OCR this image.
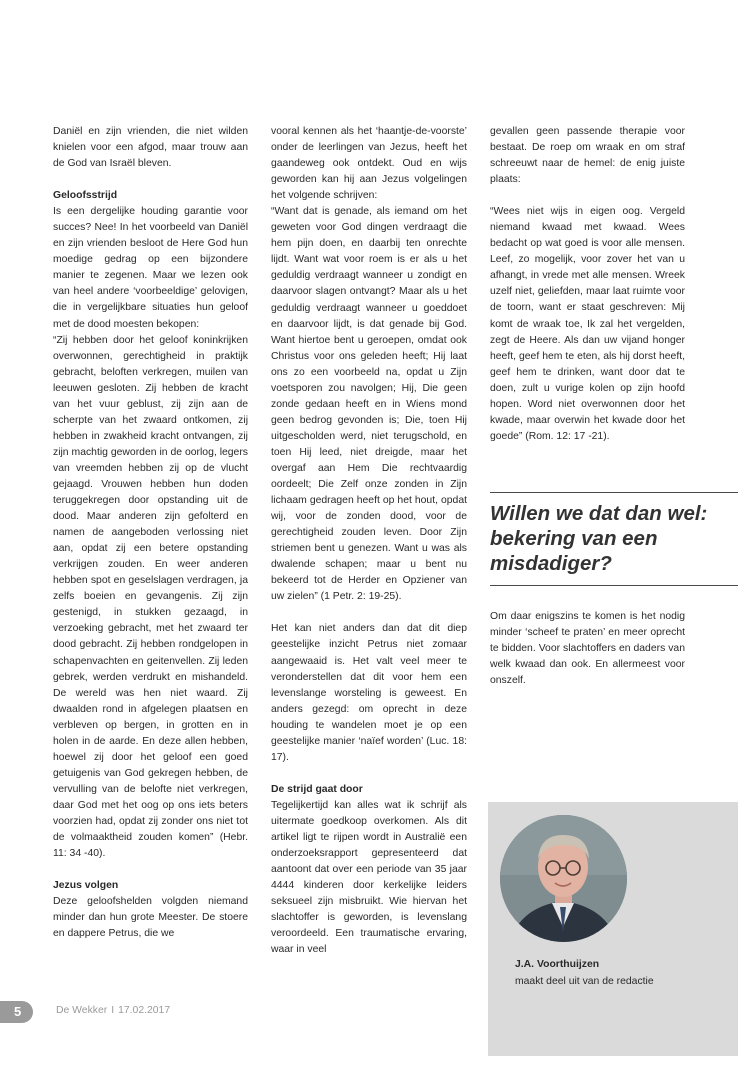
Daniël en zijn vrienden, die niet wilden knielen voor een afgod, maar trouw aan de God van Israël bleven.

Geloofsstrijd

Is een dergelijke houding garantie voor succes? Nee! In het voorbeeld van Daniël en zijn vrienden besloot de Here God hun moedige gedrag op een bijzondere manier te zegenen. Maar we lezen ook van heel andere ‘voorbeeldige’ gelovigen, die in vergelijkbare situaties hun geloof met de dood moesten bekopen:

“Zij hebben door het geloof koninkrijken overwonnen, gerechtigheid in praktijk gebracht, beloften verkregen, muilen van leeuwen gesloten. Zij hebben de kracht van het vuur geblust, zij zijn aan de scherpte van het zwaard ontkomen, zij hebben in zwakheid kracht ontvangen, zij zijn machtig geworden in de oorlog, legers van vreemden hebben zij op de vlucht gejaagd. Vrouwen hebben hun doden teruggekregen door opstanding uit de dood. Maar anderen zijn gefolterd en namen de aangeboden verlossing niet aan, opdat zij een betere opstanding verkrijgen zouden. En weer anderen hebben spot en geselslagen verdragen, ja zelfs boeien en gevangenis. Zij zijn gestenigd, in stukken gezaagd, in verzoeking gebracht, met het zwaard ter dood gebracht. Zij hebben rondgelopen in schapenvachten en geitenvellen. Zij leden gebrek, werden verdrukt en mishandeld. De wereld was hen niet waard. Zij dwaalden rond in afgelegen plaatsen en verbleven op bergen, in grotten en in holen in de aarde. En deze allen hebben, hoewel zij door het geloof een goed getuigenis van God gekregen hebben, de vervulling van de belofte niet verkregen, daar God met het oog op ons iets beters voorzien had, opdat zij zonder ons niet tot de volmaaktheid zouden komen” (Hebr. 11: 34 -40).

Jezus volgen

Deze geloofshelden volgden niemand minder dan hun grote Meester. De stoere en dappere Petrus, die we

vooral kennen als het ‘haantje-de-voorste’ onder de leerlingen van Jezus, heeft het gaandeweg ook ontdekt. Oud en wijs geworden kan hij aan Jezus volgelingen het volgende schrijven:

“Want dat is genade, als iemand om het geweten voor God dingen verdraagt die hem pijn doen, en daarbij ten onrechte lijdt. Want wat voor roem is er als u het geduldig verdraagt wanneer u zondigt en daarvoor slagen ontvangt? Maar als u het geduldig verdraagt wanneer u goeddoet en daarvoor lijdt, is dat genade bij God. Want hiertoe bent u geroepen, omdat ook Christus voor ons geleden heeft; Hij laat ons zo een voorbeeld na, opdat u Zijn voetsporen zou navolgen; Hij, Die geen zonde gedaan heeft en in Wiens mond geen bedrog gevonden is; Die, toen Hij uitgescholden werd, niet terugschold, en toen Hij leed, niet dreigde, maar het overgaf aan Hem Die rechtvaardig oordeelt; Die Zelf onze zonden in Zijn lichaam gedragen heeft op het hout, opdat wij, voor de zonden dood, voor de gerechtigheid zouden leven. Door Zijn striemen bent u genezen. Want u was als dwalende schapen; maar u bent nu bekeerd tot de Herder en Opziener van uw zielen” (1 Petr. 2: 19-25).

Het kan niet anders dan dat dit diep geestelijke inzicht Petrus niet zomaar aangewaaid is. Het valt veel meer te veronderstellen dat dit voor hem een levenslange worsteling is geweest. En anders gezegd: om oprecht in deze houding te wandelen moet je op een geestelijke manier ‘naïef worden’ (Luc. 18: 17).

De strijd gaat door

Tegelijkertijd kan alles wat ik schrijf als uitermate goedkoop overkomen. Als dit artikel ligt te rijpen wordt in Australië een onderzoeksrapport gepresenteerd dat aantoont dat over een periode van 35 jaar 4444 kinderen door kerkelijke leiders seksueel zijn misbruikt. Wie hiervan het slachtoffer is geworden, is levenslang veroordeeld. Een traumatische ervaring, waar in veel

gevallen geen passende therapie voor bestaat. De roep om wraak en om straf schreeuwt naar de hemel: de enig juiste plaats:

“Wees niet wijs in eigen oog. Vergeld niemand kwaad met kwaad. Wees bedacht op wat goed is voor alle mensen. Leef, zo mogelijk, voor zover het van u afhangt, in vrede met alle mensen. Wreek uzelf niet, geliefden, maar laat ruimte voor de toorn, want er staat geschreven: Mij komt de wraak toe, Ik zal het vergelden, zegt de Heere. Als dan uw vijand honger heeft, geef hem te eten, als hij dorst heeft, geef hem te drinken, want door dat te doen, zult u vurige kolen op zijn hoofd hopen. Word niet overwonnen door het kwade, maar overwin het kwade door het goede” (Rom. 12: 17 -21).

Willen we dat dan wel: bekering van een misdadiger?

Om daar enigszins te komen is het nodig minder ‘scheef te praten’ en meer oprecht te bidden. Voor slachtoffers en daders van welk kwaad dan ook. En allermeest voor onszelf.

J.A. Voorthuijzen
maakt deel uit van de redactie
5	De Wekker I 17.02.2017
